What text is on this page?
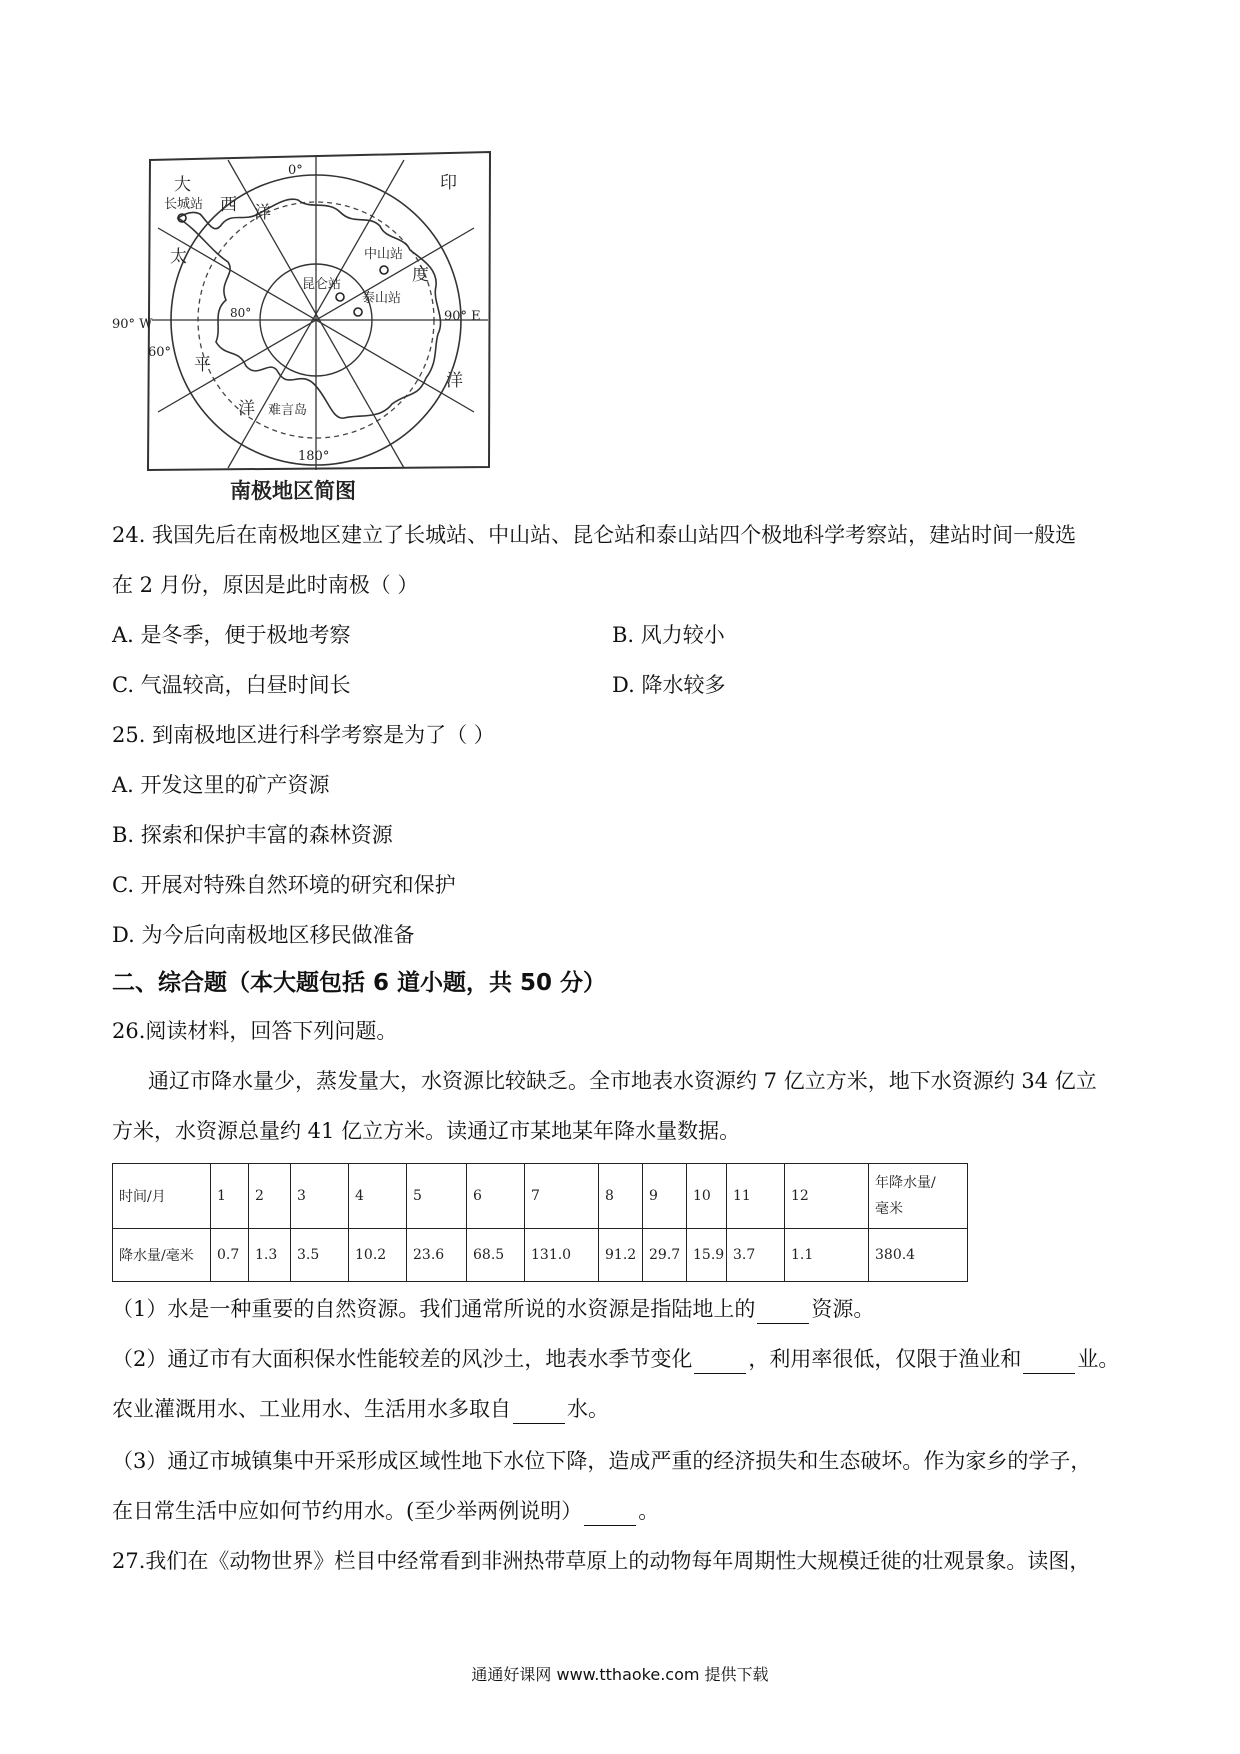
0°
180°
90° W
90° E
60°
80°
大
西 洋
印
度
洋
太
平
洋
长城站
中山站
昆仑站
泰山站
难言岛
南极地区简图
24. 我国先后在南极地区建立了长城站、中山站、昆仑站和泰山站四个极地科学考察站，建站时间一般选
在 2 月份，原因是此时南极（ ）
A. 是冬季，便于极地考察	B. 风力较小
C. 气温较高，白昼时间长	D. 降水较多
25. 到南极地区进行科学考察是为了（ ）
A. 开发这里的矿产资源
B. 探索和保护丰富的森林资源
C. 开展对特殊自然环境的研究和保护
D. 为今后向南极地区移民做准备
二、综合题（本大题包括 6 道小题，共 50 分）
26.阅读材料，回答下列问题。
通辽市降水量少，蒸发量大，水资源比较缺乏。全市地表水资源约 7 亿立方米，地下水资源约 34 亿立
方米，水资源总量约 41 亿立方米。读通辽市某地某年降水量数据。
时间/月	1	2	3	4	5	6	7	8	9	10	11	12	年降水量/
毫米
降水量/毫米	0.7	1.3	3.5	10.2	23.6	68.5	131.0	91.2	29.7	15.9	3.7	1.1	380.4
（1）水是一种重要的自然资源。我们通常所说的水资源是指陆地上的	资源。
（2）通辽市有大面积保水性能较差的风沙土，地表水季节变化	，利用率很低，仅限于渔业和	业。
农业灌溉用水、工业用水、生活用水多取自	水。
（3）通辽市城镇集中开采形成区域性地下水位下降，造成严重的经济损失和生态破坏。作为家乡的学子，
在日常生活中应如何节约用水。(至少举两例说明）	。
27.我们在《动物世界》栏目中经常看到非洲热带草原上的动物每年周期性大规模迁徙的壮观景象。读图，
通通好课网 www.tthaoke.com 提供下载
